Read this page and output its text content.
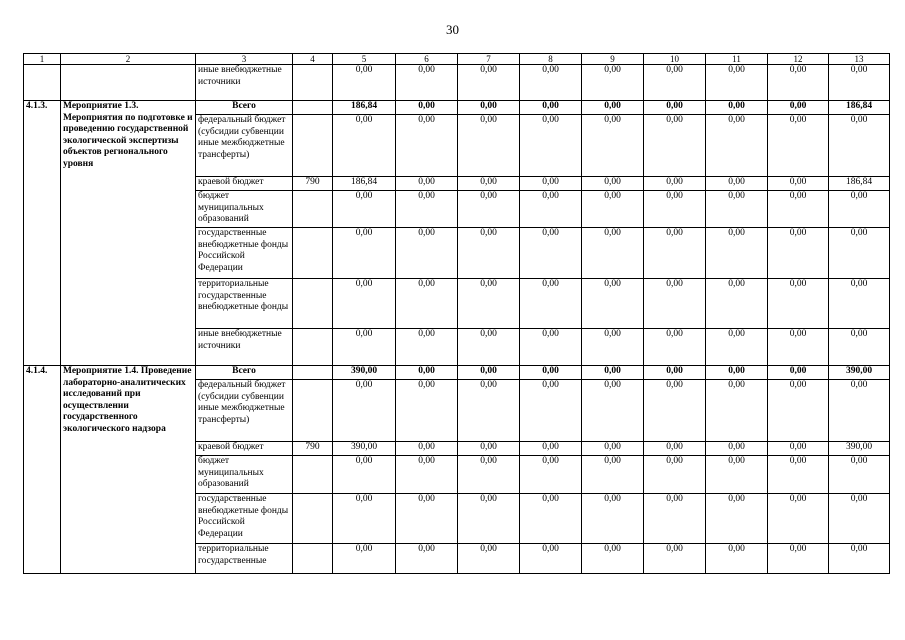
30
1	2	3	4	5	6	7	8	9	10	11	12	13
		иные внебюджетные источники		0,00	0,00	0,00	0,00	0,00	0,00	0,00	0,00	0,00
4.1.3.	Мероприятие 1.3. Мероприятия по подготовке и проведению государственной экологической экспертизы объектов регионального уровня	Всего		186,84	0,00	0,00	0,00	0,00	0,00	0,00	0,00	186,84
		федеральный бюджет (субсидии субвенции иные межбюджетные трансферты)		0,00	0,00	0,00	0,00	0,00	0,00	0,00	0,00	0,00
		краевой бюджет	790	186,84	0,00	0,00	0,00	0,00	0,00	0,00	0,00	186,84
		бюджет муниципальных образований		0,00	0,00	0,00	0,00	0,00	0,00	0,00	0,00	0,00
		государственные внебюджетные фонды Российской Федерации		0,00	0,00	0,00	0,00	0,00	0,00	0,00	0,00	0,00
		территориальные государственные внебюджетные фонды		0,00	0,00	0,00	0,00	0,00	0,00	0,00	0,00	0,00
		иные внебюджетные источники		0,00	0,00	0,00	0,00	0,00	0,00	0,00	0,00	0,00
4.1.4.	Мероприятие 1.4. Проведение лабораторно-аналитических исследований при осуществлении государственного экологического надзора	Всего		390,00	0,00	0,00	0,00	0,00	0,00	0,00	0,00	390,00
		федеральный бюджет (субсидии субвенции иные межбюджетные трансферты)		0,00	0,00	0,00	0,00	0,00	0,00	0,00	0,00	0,00
		краевой бюджет	790	390,00	0,00	0,00	0,00	0,00	0,00	0,00	0,00	390,00
		бюджет муниципальных образований		0,00	0,00	0,00	0,00	0,00	0,00	0,00	0,00	0,00
		государственные внебюджетные фонды Российской Федерации		0,00	0,00	0,00	0,00	0,00	0,00	0,00	0,00	0,00
		территориальные государственные		0,00	0,00	0,00	0,00	0,00	0,00	0,00	0,00	0,00
